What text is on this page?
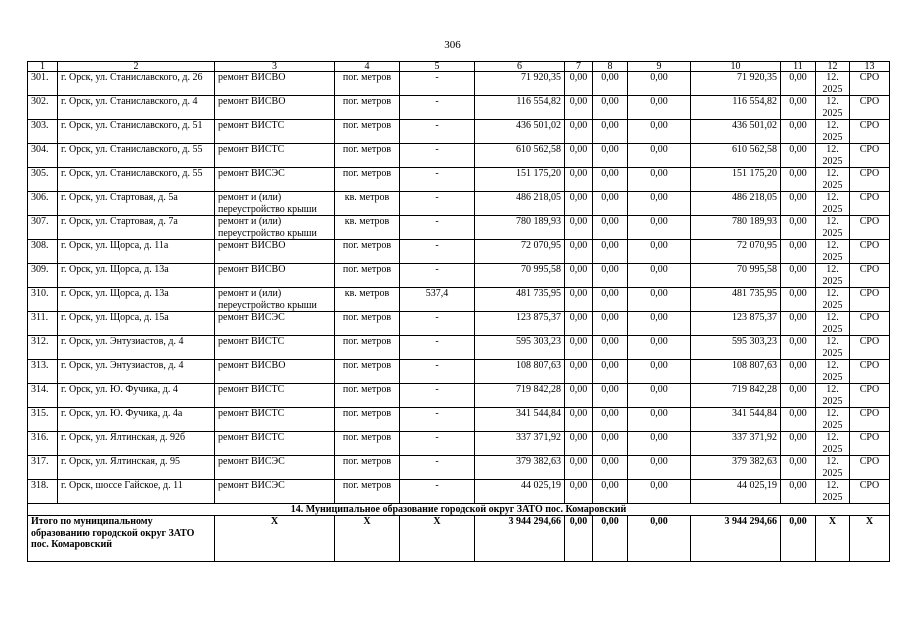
306
1	2	3	4	5	6	7	8	9	10	11	12	13
301.	г. Орск, ул. Станиславского, д. 26	ремонт ВИСВО	пог. метров	-	71 920,35	0,00	0,00	0,00	71 920,35	0,00	12. 2025	СРО
302.	г. Орск, ул. Станиславского, д. 4	ремонт ВИСВО	пог. метров	-	116 554,82	0,00	0,00	0,00	116 554,82	0,00	12. 2025	СРО
303.	г. Орск, ул. Станиславского, д. 51	ремонт ВИСТС	пог. метров	-	436 501,02	0,00	0,00	0,00	436 501,02	0,00	12. 2025	СРО
304.	г. Орск, ул. Станиславского, д. 55	ремонт ВИСТС	пог. метров	-	610 562,58	0,00	0,00	0,00	610 562,58	0,00	12. 2025	СРО
305.	г. Орск, ул. Станиславского, д. 55	ремонт ВИСЭС	пог. метров	-	151 175,20	0,00	0,00	0,00	151 175,20	0,00	12. 2025	СРО
306.	г. Орск, ул. Стартовая, д. 5а	ремонт и (или) переустройство крыши	кв. метров	-	486 218,05	0,00	0,00	0,00	486 218,05	0,00	12. 2025	СРО
307.	г. Орск, ул. Стартовая, д. 7а	ремонт и (или) переустройство крыши	кв. метров	-	780 189,93	0,00	0,00	0,00	780 189,93	0,00	12. 2025	СРО
308.	г. Орск, ул. Щорса, д. 11а	ремонт ВИСВО	пог. метров	-	72 070,95	0,00	0,00	0,00	72 070,95	0,00	12. 2025	СРО
309.	г. Орск, ул. Щорса, д. 13а	ремонт ВИСВО	пог. метров	-	70 995,58	0,00	0,00	0,00	70 995,58	0,00	12. 2025	СРО
310.	г. Орск, ул. Щорса, д. 13а	ремонт и (или) переустройство крыши	кв. метров	537,4	481 735,95	0,00	0,00	0,00	481 735,95	0,00	12. 2025	СРО
311.	г. Орск, ул. Щорса, д. 15а	ремонт ВИСЭС	пог. метров	-	123 875,37	0,00	0,00	0,00	123 875,37	0,00	12. 2025	СРО
312.	г. Орск, ул. Энтузиастов, д. 4	ремонт ВИСТС	пог. метров	-	595 303,23	0,00	0,00	0,00	595 303,23	0,00	12. 2025	СРО
313.	г. Орск, ул. Энтузиастов, д. 4	ремонт ВИСВО	пог. метров	-	108 807,63	0,00	0,00	0,00	108 807,63	0,00	12. 2025	СРО
314.	г. Орск, ул. Ю. Фучика, д. 4	ремонт ВИСТС	пог. метров	-	719 842,28	0,00	0,00	0,00	719 842,28	0,00	12. 2025	СРО
315.	г. Орск, ул. Ю. Фучика, д. 4а	ремонт ВИСТС	пог. метров	-	341 544,84	0,00	0,00	0,00	341 544,84	0,00	12. 2025	СРО
316.	г. Орск, ул. Ялтинская, д. 92б	ремонт ВИСТС	пог. метров	-	337 371,92	0,00	0,00	0,00	337 371,92	0,00	12. 2025	СРО
317.	г. Орск, ул. Ялтинская, д. 95	ремонт ВИСЭС	пог. метров	-	379 382,63	0,00	0,00	0,00	379 382,63	0,00	12. 2025	СРО
318.	г. Орск, шоссе Гайское, д. 11	ремонт ВИСЭС	пог. метров	-	44 025,19	0,00	0,00	0,00	44 025,19	0,00	12. 2025	СРО
14. Муниципальное образование городской округ ЗАТО пос. Комаровский												
Итого по муниципальному образованию городской округ ЗАТО пос. Комаровский		Х	Х	Х	3 944 294,66	0,00	0,00	0,00	3 944 294,66	0,00	Х	Х
